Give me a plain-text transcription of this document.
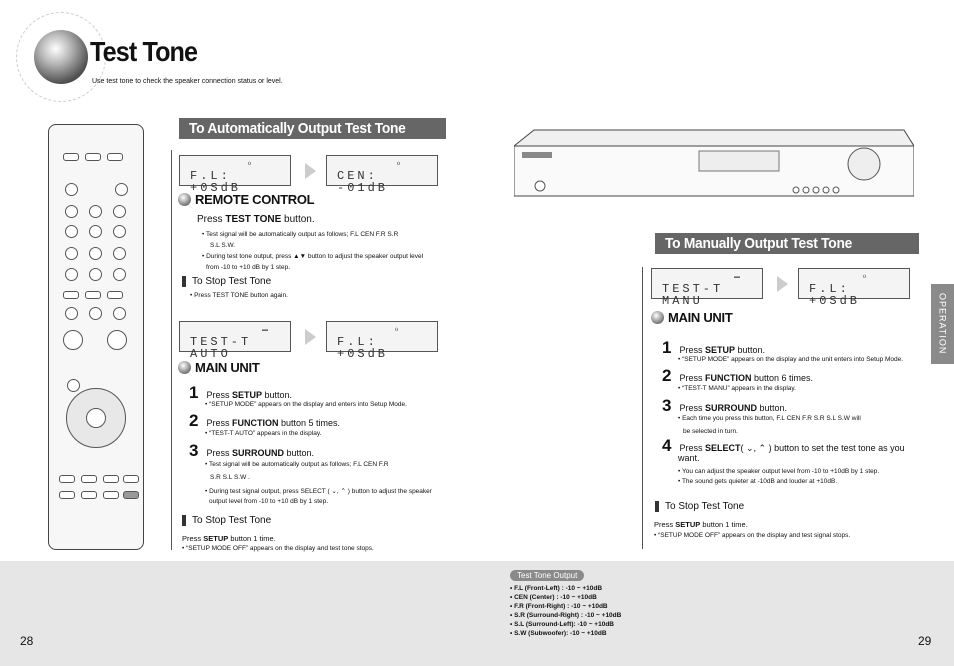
Test Tone
Use test tone to check the speaker connection status or level.
To Automatically Output Test Tone
☊
F.L: +0SdB
☊
CEN: -01dB
REMOTE CONTROL
Press TEST TONE button.
• Test signal will be automatically output as follows; F.L CEN F.R S.R
S.L S.W.
• During test tone output, press ▲▼ button to adjust the speaker output level
from -10 to +10 dB by 1 step.
To Stop Test Tone
• Press TEST TONE button again.
▬▬
TEST-T AUTO
☊
F.L: +0SdB
MAIN UNIT
1 Press SETUP button.
• “SETUP MODE” appears on the display and enters into Setup Mode.
2 Press FUNCTION button 5 times.
• “TEST-T AUTO” appears in the display.
3 Press SURROUND button.
• Test signal will be automatically output as follows; F.L CEN F.R
S.R S.L S.W .
• During test signal output, press SELECT ( ⌄, ⌃ ) button to adjust the speaker
output level from -10 to +10 dB by 1 step.
To Stop Test Tone
Press SETUP button 1 time.
• “SETUP MODE OFF” appears on the display and test tone stops.
To Manually Output Test Tone
▬▬
TEST-T MANU
☊
F.L: +0SdB
MAIN UNIT
1 Press SETUP button.
• “SETUP MODE” appears on the display and the unit enters into Setup Mode.
2 Press FUNCTION button 6 times.
• “TEST-T MANU” appears in the display.
3 Press SURROUND button.
• Each time you press this button, F.L CEN F.R S.R S.L S.W will
be selected in turn.
4 Press SELECT( ⌄, ⌃ ) button to set the test tone as you
want.
• You can adjust the speaker output level from -10 to +10dB by 1 step.
• The sound gets quieter at -10dB and louder at +10dB.
To Stop Test Tone
Press SETUP button 1 time.
• “SETUP MODE OFF” appears on the display and test signal stops.
OPERATION
Test Tone Output
• F.L (Front-Left) : -10 ~ +10dB
• CEN (Center) : -10 ~ +10dB
• F.R (Front-Right) : -10 ~ +10dB
• S.R (Surround-Right) : -10 ~ +10dB
• S.L (Surround-Left): -10 ~ +10dB
• S.W (Subwoofer): -10 ~ +10dB
28	29
